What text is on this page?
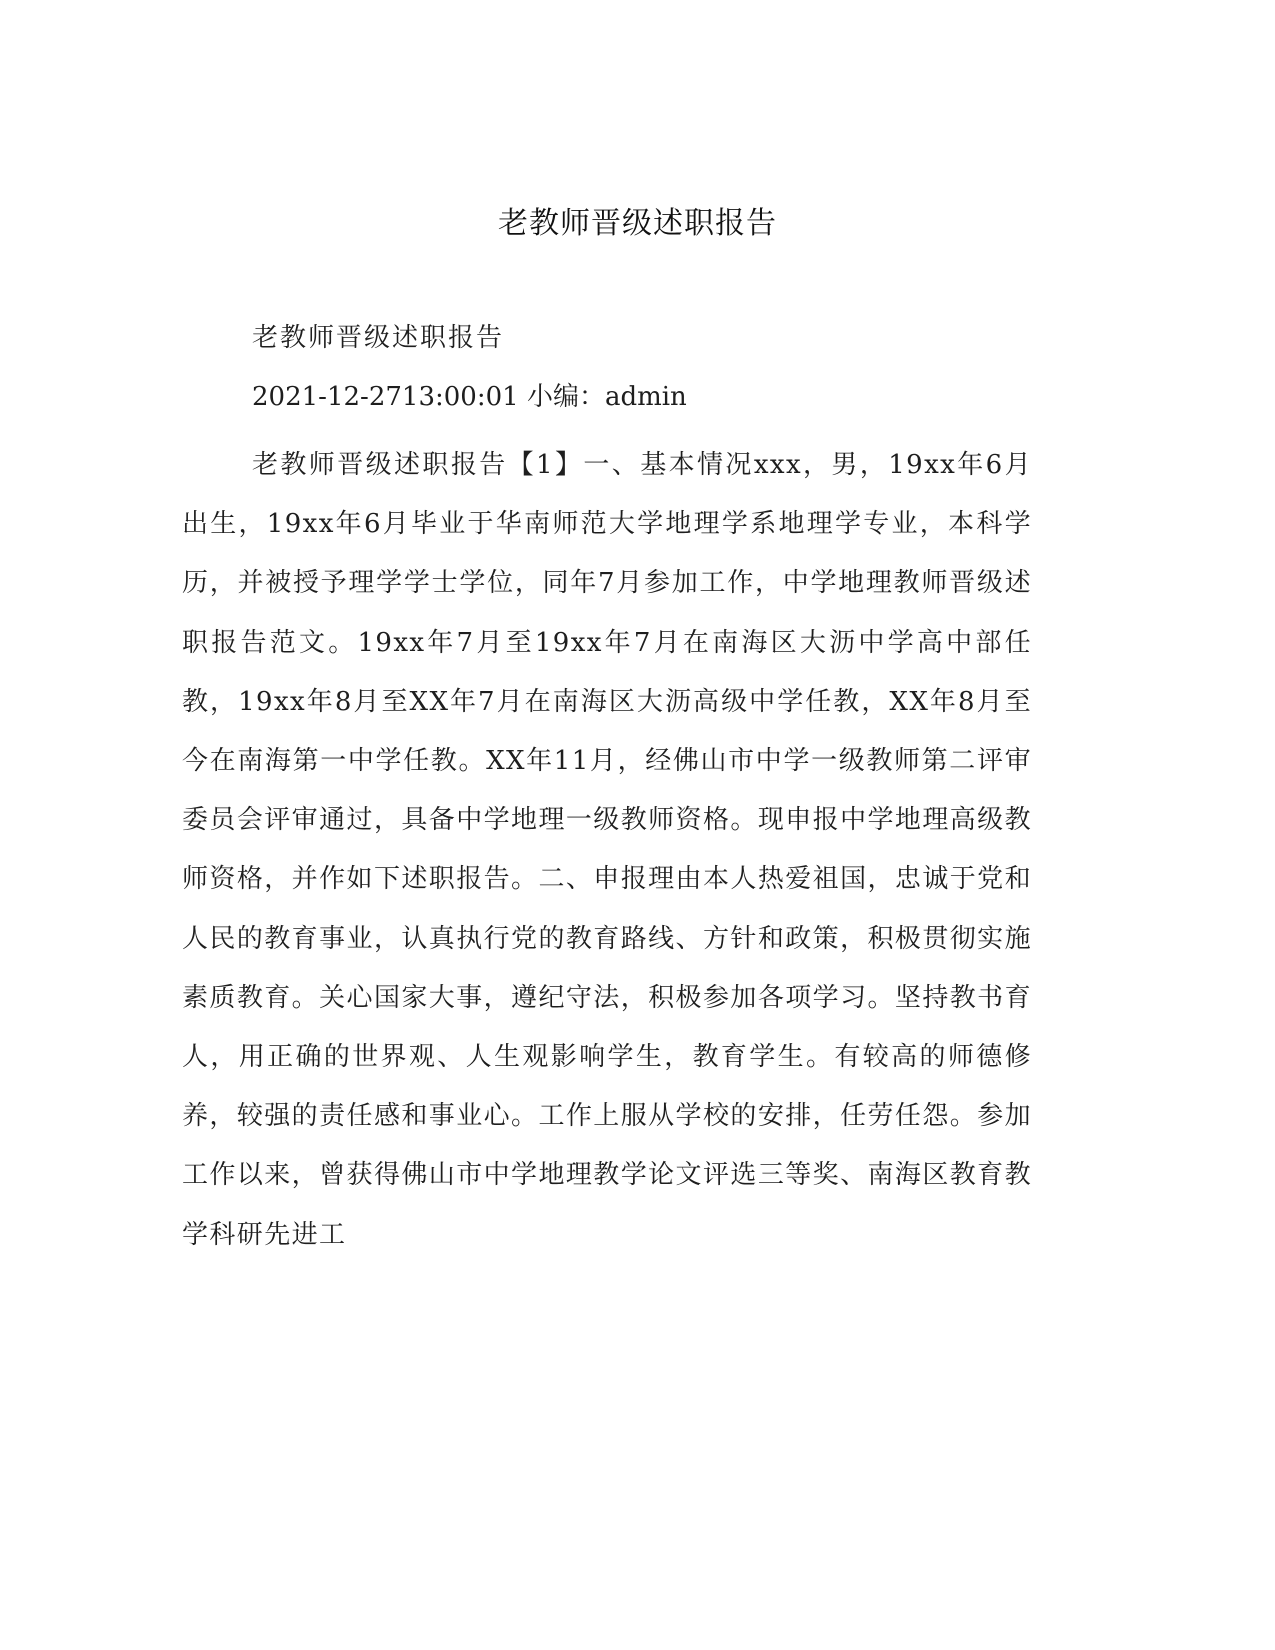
老教师晋级述职报告

老教师晋级述职报告

2021-12-2713:00:01 小编：admin

老教师晋级述职报告【1】一、基本情况xxx，男，19xx年6月出生，19xx年6月毕业于华南师范大学地理学系地理学专业，本科学历，并被授予理学学士学位，同年7月参加工作，中学地理教师晋级述职报告范文。19xx年7月至19xx年7月在南海区大沥中学高中部任教，19xx年8月至XX年7月在南海区大沥高级中学任教，XX年8月至今在南海第一中学任教。XX年11月，经佛山市中学一级教师第二评审委员会评审通过，具备中学地理一级教师资格。现申报中学地理高级教师资格，并作如下述职报告。二、申报理由本人热爱祖国，忠诚于党和人民的教育事业，认真执行党的教育路线、方针和政策，积极贯彻实施素质教育。关心国家大事，遵纪守法，积极参加各项学习。坚持教书育人，用正确的世界观、人生观影响学生，教育学生。有较高的师德修养，较强的责任感和事业心。工作上服从学校的安排，任劳任怨。参加工作以来，曾获得佛山市中学地理教学论文评选三等奖、南海区教育教学科研先进工
